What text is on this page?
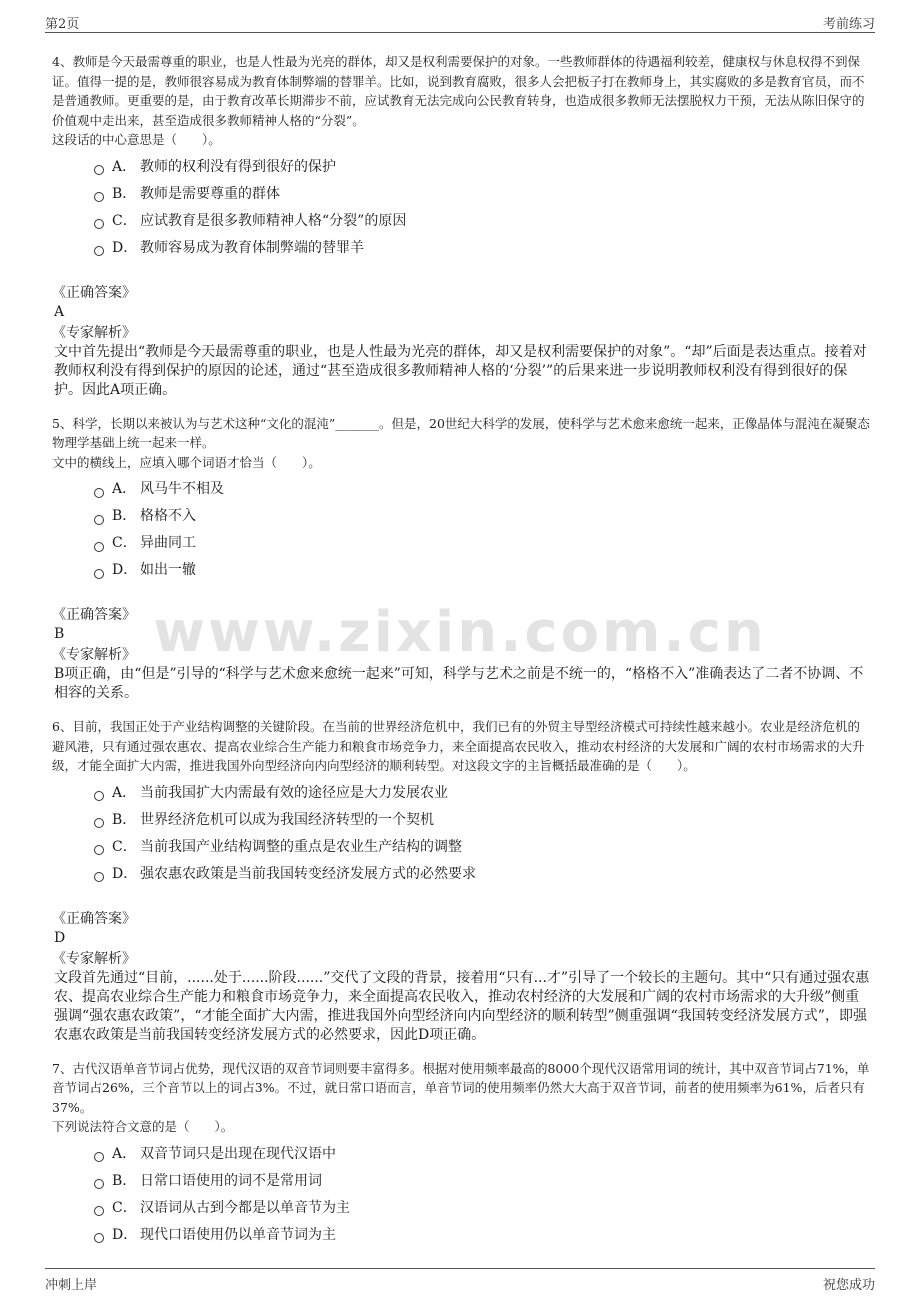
第2页	考前练习
www.zixin.com.cn

4、教师是今天最需尊重的职业，也是人性最为光亮的群体，却又是权利需要保护的对象。一些教师群体的待遇福利较差，健康权与休息权得不到保证。值得一提的是，教师很容易成为教育体制弊端的替罪羊。比如，说到教育腐败，很多人会把板子打在教师身上，其实腐败的多是教育官员，而不是普通教师。更重要的是，由于教育改革长期滞步不前，应试教育无法完成向公民教育转身，也造成很多教师无法摆脱权力干预，无法从陈旧保守的价值观中走出来，甚至造成很多教师精神人格的“分裂”。

这段话的中心意思是（　　）。

A． 教师的权利没有得到很好的保护
B． 教师是需要尊重的群体
C． 应试教育是很多教师精神人格“分裂”的原因
D． 教师容易成为教育体制弊端的替罪羊
《正确答案》
A
《专家解析》

文中首先提出“教师是今天最需尊重的职业，也是人性最为光亮的群体，却又是权利需要保护的对象”。“却”后面是表达重点。接着对教师权利没有得到保护的原因的论述，通过“甚至造成很多教师精神人格的‘分裂’”的后果来进一步说明教师权利没有得到很好的保护。因此A项正确。

5、科学，长期以来被认为与艺术这种“文化的混沌”_______。但是，20世纪大科学的发展，使科学与艺术愈来愈统一起来，正像晶体与混沌在凝聚态物理学基础上统一起来一样。

文中的横线上，应填入哪个词语才恰当（　　）。

A． 风马牛不相及
B． 格格不入
C． 异曲同工
D． 如出一辙
《正确答案》
B
《专家解析》

B项正确，由“但是”引导的“科学与艺术愈来愈统一起来”可知，科学与艺术之前是不统一的，“格格不入”准确表达了二者不协调、不相容的关系。

6、目前，我国正处于产业结构调整的关键阶段。在当前的世界经济危机中，我们已有的外贸主导型经济模式可持续性越来越小。农业是经济危机的避风港，只有通过强农惠农、提高农业综合生产能力和粮食市场竞争力，来全面提高农民收入，推动农村经济的大发展和广阔的农村市场需求的大升级，才能全面扩大内需，推进我国外向型经济向内向型经济的顺利转型。对这段文字的主旨概括最准确的是（　　）。

A． 当前我国扩大内需最有效的途径应是大力发展农业
B． 世界经济危机可以成为我国经济转型的一个契机
C． 当前我国产业结构调整的重点是农业生产结构的调整
D． 强农惠农政策是当前我国转变经济发展方式的必然要求
《正确答案》
D
《专家解析》

文段首先通过“目前，......处于......阶段......”交代了文段的背景，接着用“只有...才”引导了一个较长的主题句。其中“只有通过强农惠农、提高农业综合生产能力和粮食市场竞争力，来全面提高农民收入，推动农村经济的大发展和广阔的农村市场需求的大升级”侧重强调“强农惠农政策”，“才能全面扩大内需，推进我国外向型经济向内向型经济的顺利转型”侧重强调“我国转变经济发展方式”，即强农惠农政策是当前我国转变经济发展方式的必然要求，因此D项正确。

7、古代汉语单音节词占优势，现代汉语的双音节词则要丰富得多。根据对使用频率最高的8000个现代汉语常用词的统计，其中双音节词占71%，单音节词占26%，三个音节以上的词占3%。不过，就日常口语而言，单音节词的使用频率仍然大大高于双音节词，前者的使用频率为61%，后者只有37%。

下列说法符合文意的是（　　）。

A． 双音节词只是出现在现代汉语中
B． 日常口语使用的词不是常用词
C． 汉语词从古到今都是以单音节为主
D． 现代口语使用仍以单音节词为主
冲刺上岸	祝您成功
